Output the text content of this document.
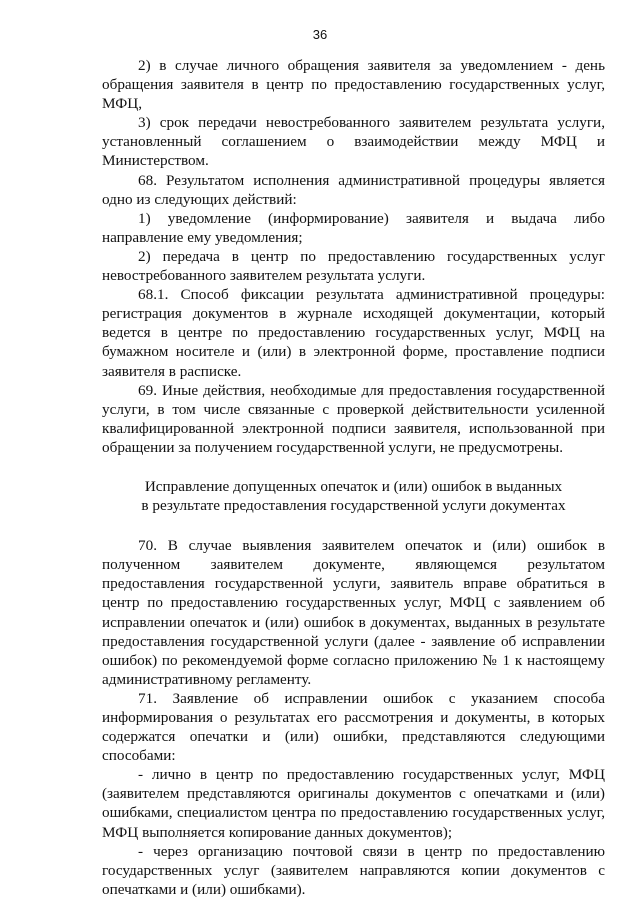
36

2) в случае личного обращения заявителя за уведомлением - день обращения заявителя в центр по предоставлению государственных услуг, МФЦ,

3) срок передачи невостребованного заявителем результата услуги, установленный соглашением о взаимодействии между МФЦ и Министерством.

68. Результатом исполнения административной процедуры является одно из следующих действий:

1) уведомление (информирование) заявителя и выдача либо направление ему уведомления;

2) передача в центр по предоставлению государственных услуг невостребованного заявителем результата услуги.

68.1. Способ фиксации результата административной процедуры: регистрация документов в журнале исходящей документации, который ведется в центре по предоставлению государственных услуг, МФЦ на бумажном носителе и (или) в электронной форме, проставление подписи заявителя в расписке.

69. Иные действия, необходимые для предоставления государственной услуги, в том числе связанные с проверкой действительности усиленной квалифицированной электронной подписи заявителя, использованной при обращении за получением государственной услуги, не предусмотрены.

Исправление допущенных опечаток и (или) ошибок в выданных
в результате предоставления государственной услуги документах

70. В случае выявления заявителем опечаток и (или) ошибок в полученном заявителем документе, являющемся результатом предоставления государственной услуги, заявитель вправе обратиться в центр по предоставлению государственных услуг, МФЦ с заявлением об исправлении опечаток и (или) ошибок в документах, выданных в результате предоставления государственной услуги (далее - заявление об исправлении ошибок) по рекомендуемой форме согласно приложению № 1 к настоящему административному регламенту.

71. Заявление об исправлении ошибок с указанием способа информирования о результатах его рассмотрения и документы, в которых содержатся опечатки и (или) ошибки, представляются следующими способами:

- лично в центр по предоставлению государственных услуг, МФЦ (заявителем представляются оригиналы документов с опечатками и (или) ошибками, специалистом центра по предоставлению государственных услуг, МФЦ выполняется копирование данных документов);

- через организацию почтовой связи в центр по предоставлению государственных услуг (заявителем направляются копии документов с опечатками и (или) ошибками).
